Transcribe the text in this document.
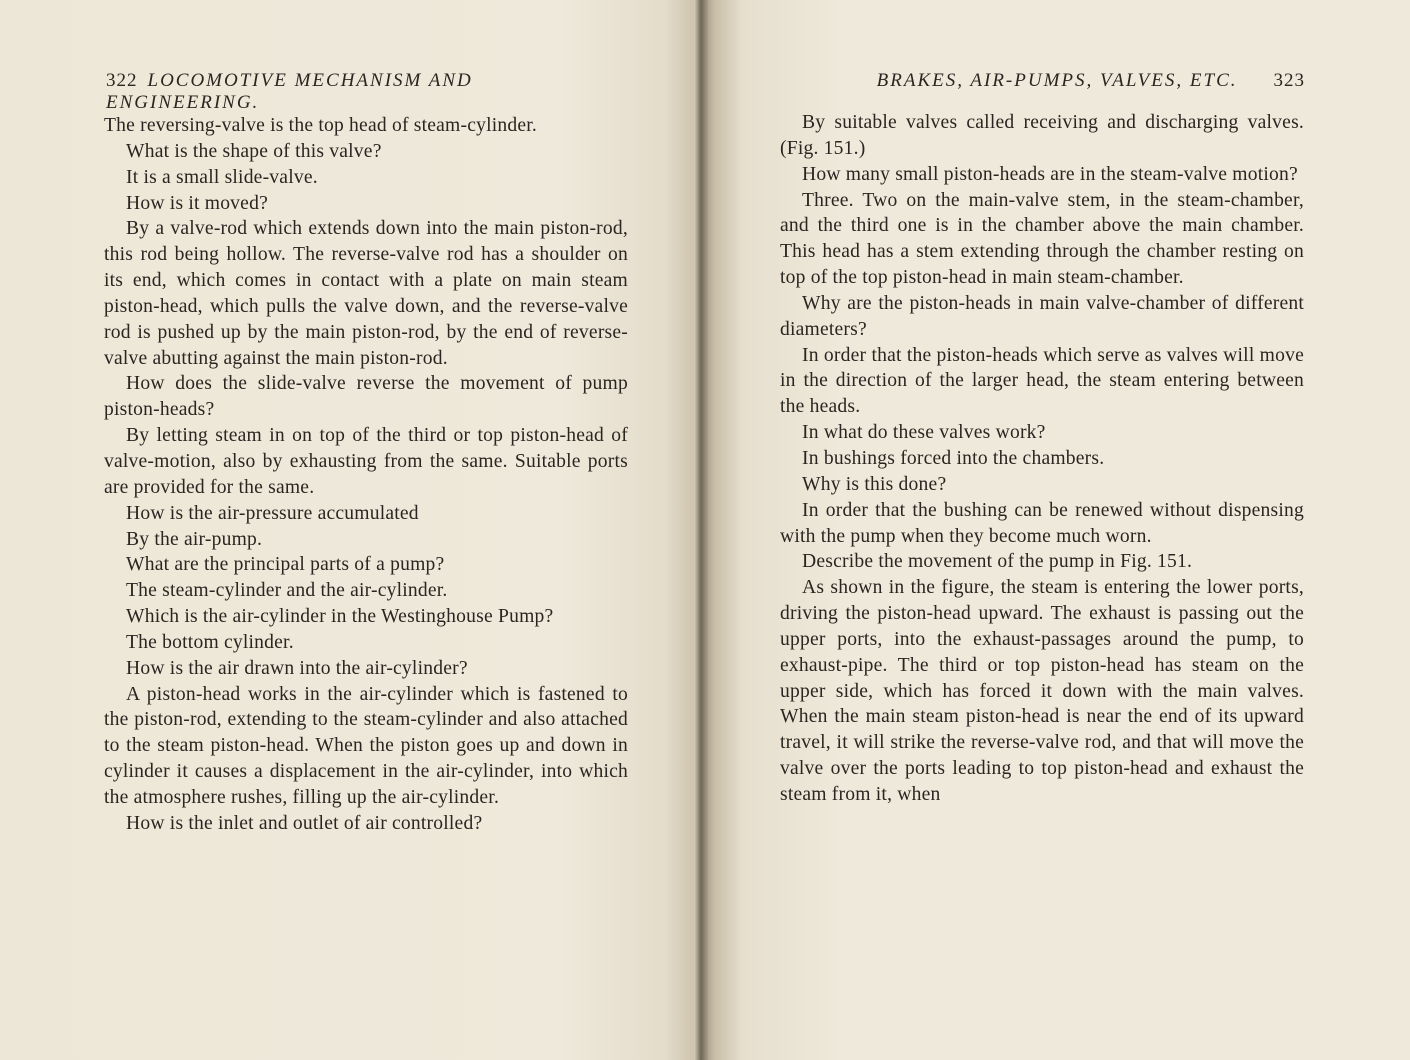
322 LOCOMOTIVE MECHANISM AND ENGINEERING.

The reversing-valve is the top head of steam-cylinder.

What is the shape of this valve?

It is a small slide-valve.

How is it moved?

By a valve-rod which extends down into the main piston-rod, this rod being hollow. The reverse-valve rod has a shoulder on its end, which comes in contact with a plate on main steam piston-head, which pulls the valve down, and the reverse-valve rod is pushed up by the main piston-rod, by the end of reverse-valve abutting against the main piston-rod.

How does the slide-valve reverse the movement of pump piston-heads?

By letting steam in on top of the third or top piston-head of valve-motion, also by exhausting from the same. Suitable ports are provided for the same.

How is the air-pressure accumulated

By the air-pump.

What are the principal parts of a pump?

The steam-cylinder and the air-cylinder.

Which is the air-cylinder in the Westinghouse Pump?

The bottom cylinder.

How is the air drawn into the air-cylinder?

A piston-head works in the air-cylinder which is fastened to the piston-rod, extending to the steam-cylinder and also attached to the steam piston-head. When the piston goes up and down in cylinder it causes a displacement in the air-cylinder, into which the atmosphere rushes, filling up the air-cylinder.

How is the inlet and outlet of air controlled?

BRAKES, AIR-PUMPS, VALVES, ETC. 323

By suitable valves called receiving and discharging valves. (Fig. 151.)

How many small piston-heads are in the steam-valve motion?

Three. Two on the main-valve stem, in the steam-chamber, and the third one is in the chamber above the main chamber. This head has a stem extending through the chamber resting on top of the top piston-head in main steam-chamber.

Why are the piston-heads in main valve-chamber of different diameters?

In order that the piston-heads which serve as valves will move in the direction of the larger head, the steam entering between the heads.

In what do these valves work?

In bushings forced into the chambers.

Why is this done?

In order that the bushing can be renewed without dispensing with the pump when they become much worn.

Describe the movement of the pump in Fig. 151.

As shown in the figure, the steam is entering the lower ports, driving the piston-head upward. The exhaust is passing out the upper ports, into the exhaust-passages around the pump, to exhaust-pipe. The third or top piston-head has steam on the upper side, which has forced it down with the main valves. When the main steam piston-head is near the end of its upward travel, it will strike the reverse-valve rod, and that will move the valve over the ports leading to top piston-head and exhaust the steam from it, when
